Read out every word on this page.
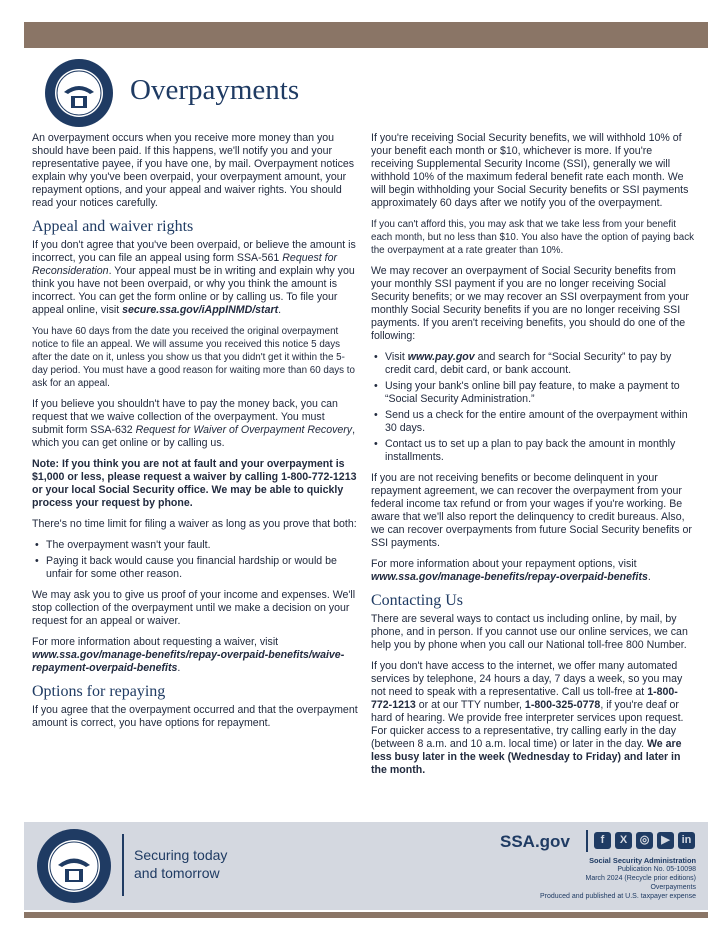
Overpayments

An overpayment occurs when you receive more money than you should have been paid. If this happens, we'll notify you and your representative payee, if you have one, by mail. Overpayment notices explain why you've been overpaid, your overpayment amount, your repayment options, and your appeal and waiver rights. You should read your notices carefully.

Appeal and waiver rights

If you don't agree that you've been overpaid, or believe the amount is incorrect, you can file an appeal using form SSA-561 Request for Reconsideration. Your appeal must be in writing and explain why you think you have not been overpaid, or why you think the amount is incorrect. You can get the form online or by calling us. To file your appeal online, visit secure.ssa.gov/iAppINMD/start.

You have 60 days from the date you received the original overpayment notice to file an appeal. We will assume you received this notice 5 days after the date on it, unless you show us that you didn't get it within the 5-day period. You must have a good reason for waiting more than 60 days to ask for an appeal.

If you believe you shouldn't have to pay the money back, you can request that we waive collection of the overpayment. You must submit form SSA-632 Request for Waiver of Overpayment Recovery, which you can get online or by calling us.

Note: If you think you are not at fault and your overpayment is $1,000 or less, please request a waiver by calling 1-800-772-1213 or your local Social Security office. We may be able to quickly process your request by phone.

There's no time limit for filing a waiver as long as you prove that both:

• The overpayment wasn't your fault.
• Paying it back would cause you financial hardship or would be unfair for some other reason.

We may ask you to give us proof of your income and expenses. We'll stop collection of the overpayment until we make a decision on your request for an appeal or waiver.

For more information about requesting a waiver, visit www.ssa.gov/manage-benefits/repay-overpaid-benefits/waive-repayment-overpaid-benefits.

Options for repaying

If you agree that the overpayment occurred and that the overpayment amount is correct, you have options for repayment.

If you're receiving Social Security benefits, we will withhold 10% of your benefit each month or $10, whichever is more. If you're receiving Supplemental Security Income (SSI), generally we will withhold 10% of the maximum federal benefit rate each month. We will begin withholding your Social Security benefits or SSI payments approximately 60 days after we notify you of the overpayment.

If you can't afford this, you may ask that we take less from your benefit each month, but no less than $10. You also have the option of paying back the overpayment at a rate greater than 10%.

We may recover an overpayment of Social Security benefits from your monthly SSI payment if you are no longer receiving Social Security benefits; or we may recover an SSI overpayment from your monthly Social Security benefits if you are no longer receiving SSI payments. If you aren't receiving benefits, you should do one of the following:

• Visit www.pay.gov and search for “Social Security” to pay by credit card, debit card, or bank account.
• Using your bank's online bill pay feature, to make a payment to “Social Security Administration.”
• Send us a check for the entire amount of the overpayment within 30 days.
• Contact us to set up a plan to pay back the amount in monthly installments.

If you are not receiving benefits or become delinquent in your repayment agreement, we can recover the overpayment from your federal income tax refund or from your wages if you're working. Be aware that we'll also report the delinquency to credit bureaus. Also, we can recover overpayments from future Social Security benefits or SSI payments.

For more information about your repayment options, visit www.ssa.gov/manage-benefits/repay-overpaid-benefits.

Contacting Us

There are several ways to contact us including online, by mail, by phone, and in person. If you cannot use our online services, we can help you by phone when you call our National toll-free 800 Number.

If you don't have access to the internet, we offer many automated services by telephone, 24 hours a day, 7 days a week, so you may not need to speak with a representative. Call us toll-free at 1-800-772-1213 or at our TTY number, 1-800-325-0778, if you're deaf or hard of hearing. We provide free interpreter services upon request. For quicker access to a representative, try calling early in the day (between 8 a.m. and 10 a.m. local time) or later in the day. We are less busy later in the week (Wednesday to Friday) and later in the month.

Securing today
and tomorrow
SSA.gov	f	X	◎	▶	in
Social Security Administration
Publication No. 05-10098
March 2024 (Recycle prior editions)
Overpayments
Produced and published at U.S. taxpayer expense
